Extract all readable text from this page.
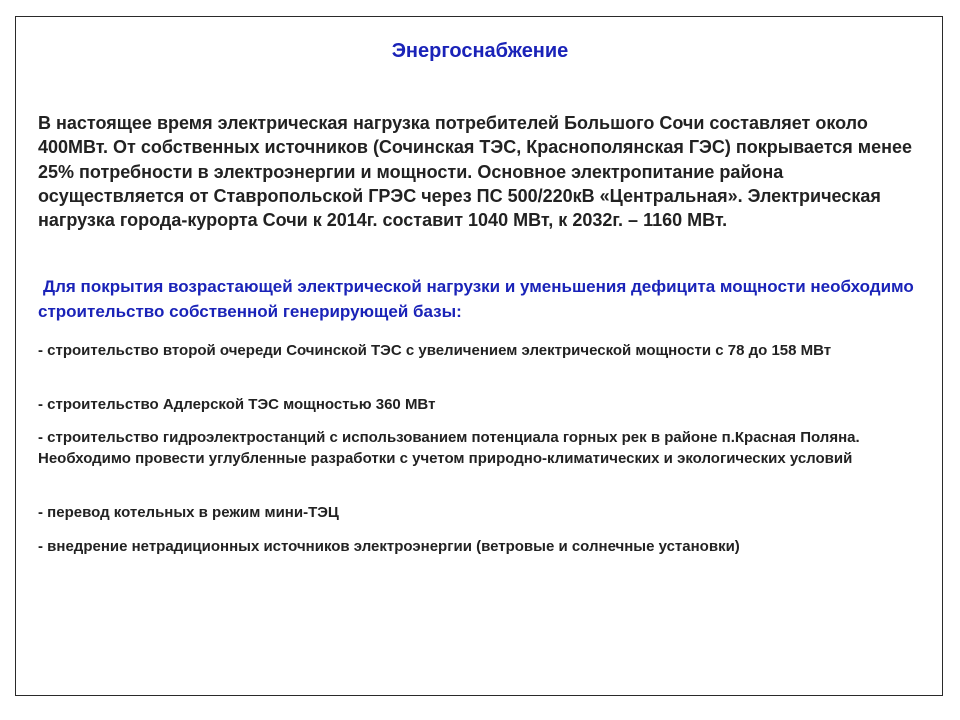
Энергоснабжение
В настоящее время электрическая нагрузка потребителей Большого Сочи составляет около 400МВт. От собственных источников (Сочинская ТЭС, Краснополянская ГЭС) покрывается менее 25% потребности в электроэнергии и мощности. Основное электропитание района осуществляется от Ставропольской ГРЭС через ПС 500/220кВ «Центральная». Электрическая нагрузка города-курорта Сочи к 2014г. составит 1040 МВт, к 2032г. – 1160 МВт.
Для покрытия возрастающей электрической нагрузки и уменьшения дефицита мощности необходимо строительство собственной генерирующей базы:
- строительство второй очереди Сочинской ТЭС с увеличением электрической мощности с 78 до 158 МВт
- строительство Адлерской ТЭС мощностью 360 МВт
- строительство гидроэлектростанций с использованием потенциала горных рек в районе п.Красная Поляна. Необходимо провести углубленные разработки с учетом природно-климатических и экологических условий
- перевод котельных в режим мини-ТЭЦ
- внедрение нетрадиционных источников электроэнергии (ветровые и солнечные установки)
